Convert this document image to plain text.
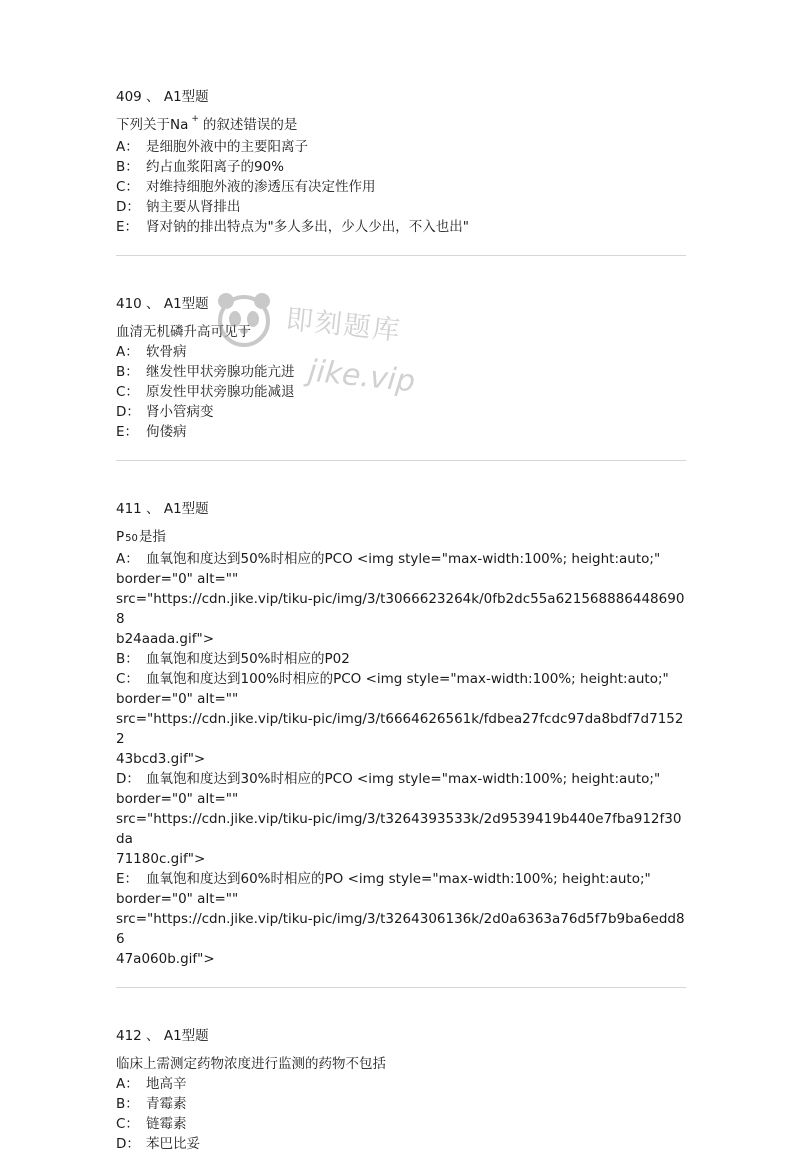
409 、 A1型题

下列关于Na + 的叙述错误的是

A： 是细胞外液中的主要阳离子

B： 约占血浆阳离子的90%

C： 对维持细胞外液的渗透压有决定性作用

D： 钠主要从肾排出

E： 肾对钠的排出特点为"多人多出，少人少出，不入也出"

410 、 A1型题

血清无机磷升高可见于

A： 软骨病

B： 继发性甲状旁腺功能亢进

C： 原发性甲状旁腺功能减退

D： 肾小管病变

E： 佝偻病

411 、 A1型题

P50是指

A： 血氧饱和度达到50%时相应的PCO <img style="max-width:100%; height:auto;"

border="0" alt=""

src="https://cdn.jike.vip/tiku-pic/img/3/t3066623264k/0fb2dc55a6215688864486908

b24aada.gif">

B： 血氧饱和度达到50%时相应的P02

C： 血氧饱和度达到100%时相应的PCO <img style="max-width:100%; height:auto;"

border="0" alt=""

src="https://cdn.jike.vip/tiku-pic/img/3/t6664626561k/fdbea27fcdc97da8bdf7d71522

43bcd3.gif">

D： 血氧饱和度达到30%时相应的PCO <img style="max-width:100%; height:auto;"

border="0" alt=""

src="https://cdn.jike.vip/tiku-pic/img/3/t3264393533k/2d9539419b440e7fba912f30da

71180c.gif">

E： 血氧饱和度达到60%时相应的PO <img style="max-width:100%; height:auto;"

border="0" alt=""

src="https://cdn.jike.vip/tiku-pic/img/3/t3264306136k/2d0a6363a76d5f7b9ba6edd86

47a060b.gif">

412 、 A1型题

临床上需测定药物浓度进行监测的药物不包括

A： 地高辛

B： 青霉素

C： 链霉素

D： 苯巴比妥

即刻题库
jike.vip
